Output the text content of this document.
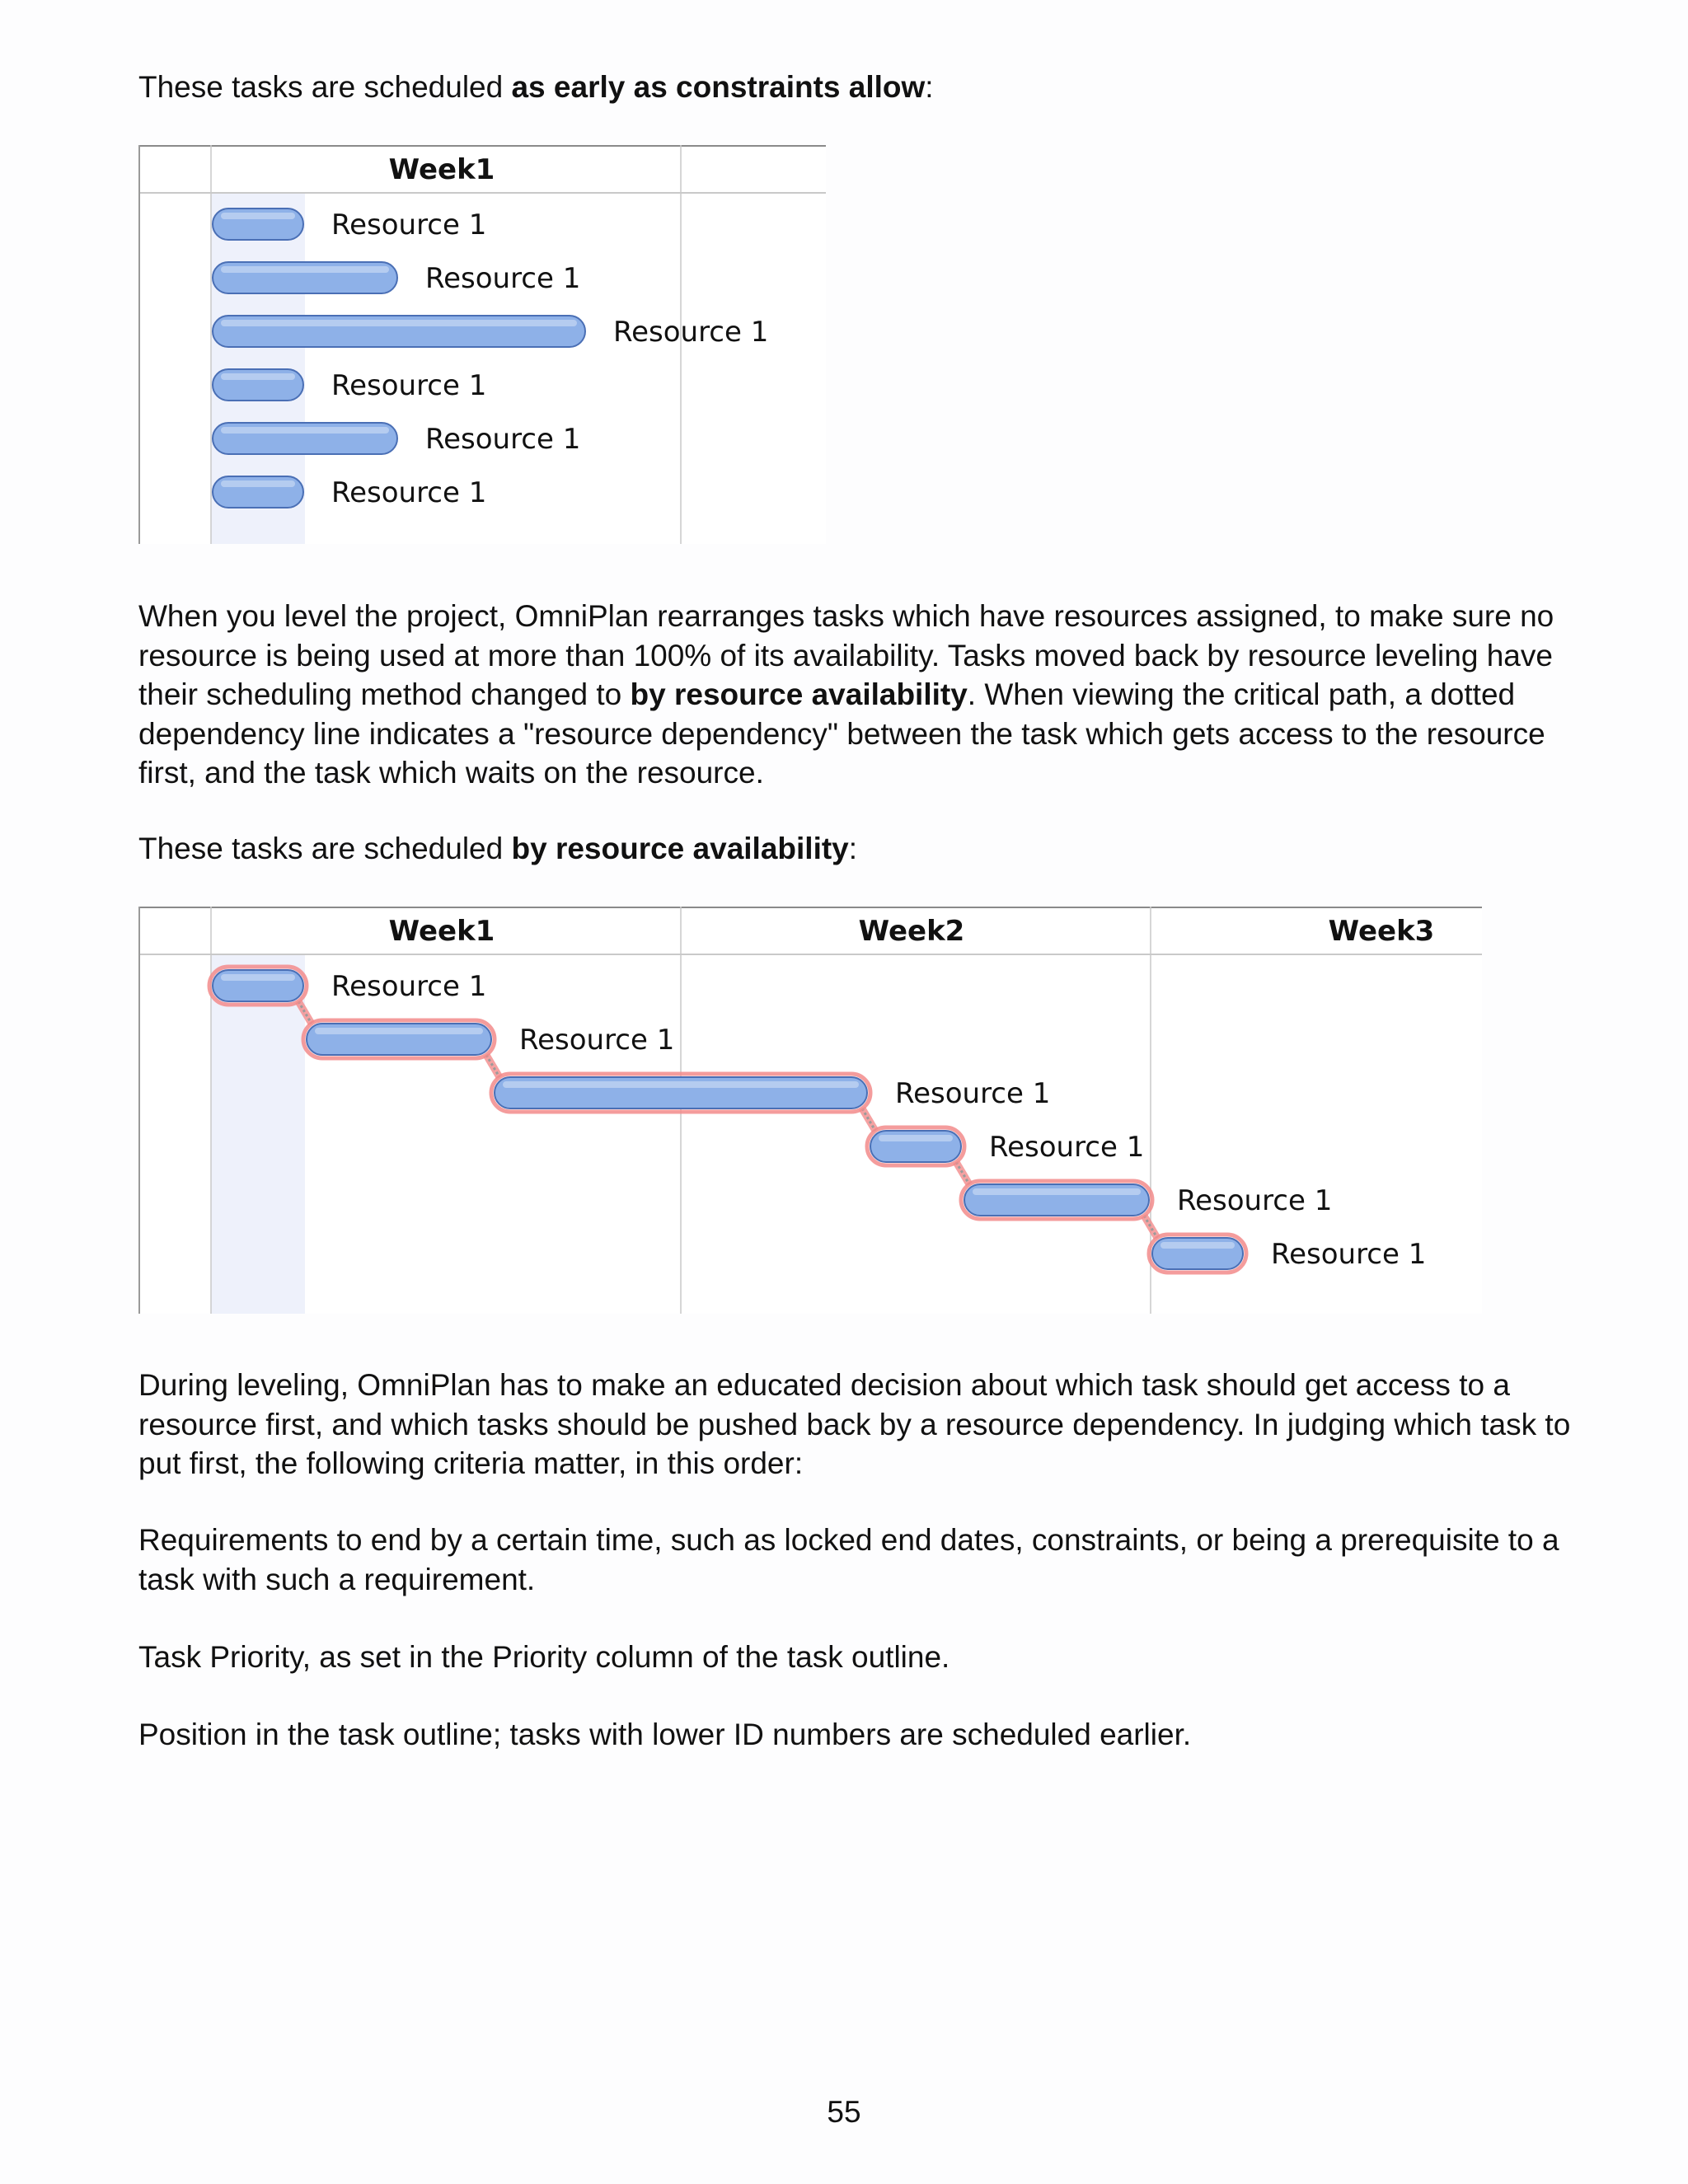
These tasks are scheduled as early as constraints allow:

Week1
Resource 1
Resource 1
Resource 1
Resource 1
Resource 1
Resource 1

When you level the project, OmniPlan rearranges tasks which have resources assigned, to make sure no resource is being used at more than 100% of its availability. Tasks moved back by resource leveling have their scheduling method changed to by resource availability. When viewing the critical path, a dotted dependency line indicates a "resource dependency" between the task which gets access to the resource first, and the task which waits on the resource.

These tasks are scheduled by resource availability:

Week1	Week2	Week3
Resource 1
Resource 1
Resource 1
Resource 1
Resource 1
Resource 1

During leveling, OmniPlan has to make an educated decision about which task should get access to a resource first, and which tasks should be pushed back by a resource dependency. In judging which task to put first, the following criteria matter, in this order:

Requirements to end by a certain time, such as locked end dates, constraints, or being a prerequisite to a task with such a requirement.

Task Priority, as set in the Priority column of the task outline.

Position in the task outline; tasks with lower ID numbers are scheduled earlier.

55
